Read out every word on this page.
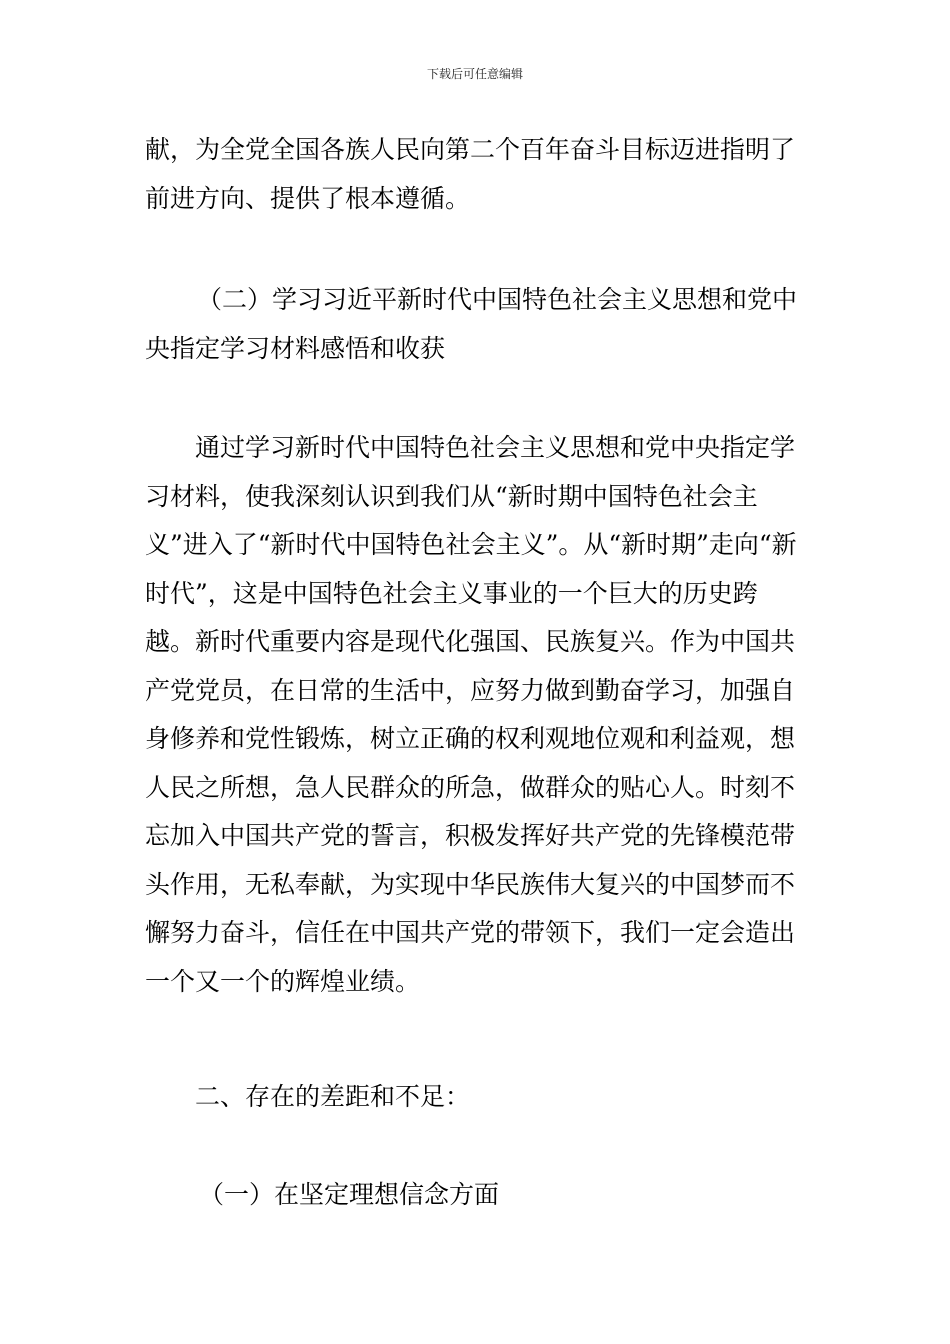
下载后可任意编辑

献，为全党全国各族人民向第二个百年奋斗目标迈进指明了前进方向、提供了根本遵循。

（二）学习习近平新时代中国特色社会主义思想和党中央指定学习材料感悟和收获

通过学习新时代中国特色社会主义思想和党中央指定学习材料，使我深刻认识到我们从“新时期中国特色社会主义”进入了“新时代中国特色社会主义”。从“新时期”走向“新时代”，这是中国特色社会主义事业的一个巨大的历史跨越。新时代重要内容是现代化强国、民族复兴。作为中国共产党党员，在日常的生活中，应努力做到勤奋学习，加强自身修养和党性锻炼，树立正确的权利观地位观和利益观，想人民之所想，急人民群众的所急，做群众的贴心人。时刻不忘加入中国共产党的誓言，积极发挥好共产党的先锋模范带头作用，无私奉献，为实现中华民族伟大复兴的中国梦而不懈努力奋斗，信任在中国共产党的带领下，我们一定会造出一个又一个的辉煌业绩。

二、存在的差距和不足：

（一）在坚定理想信念方面
